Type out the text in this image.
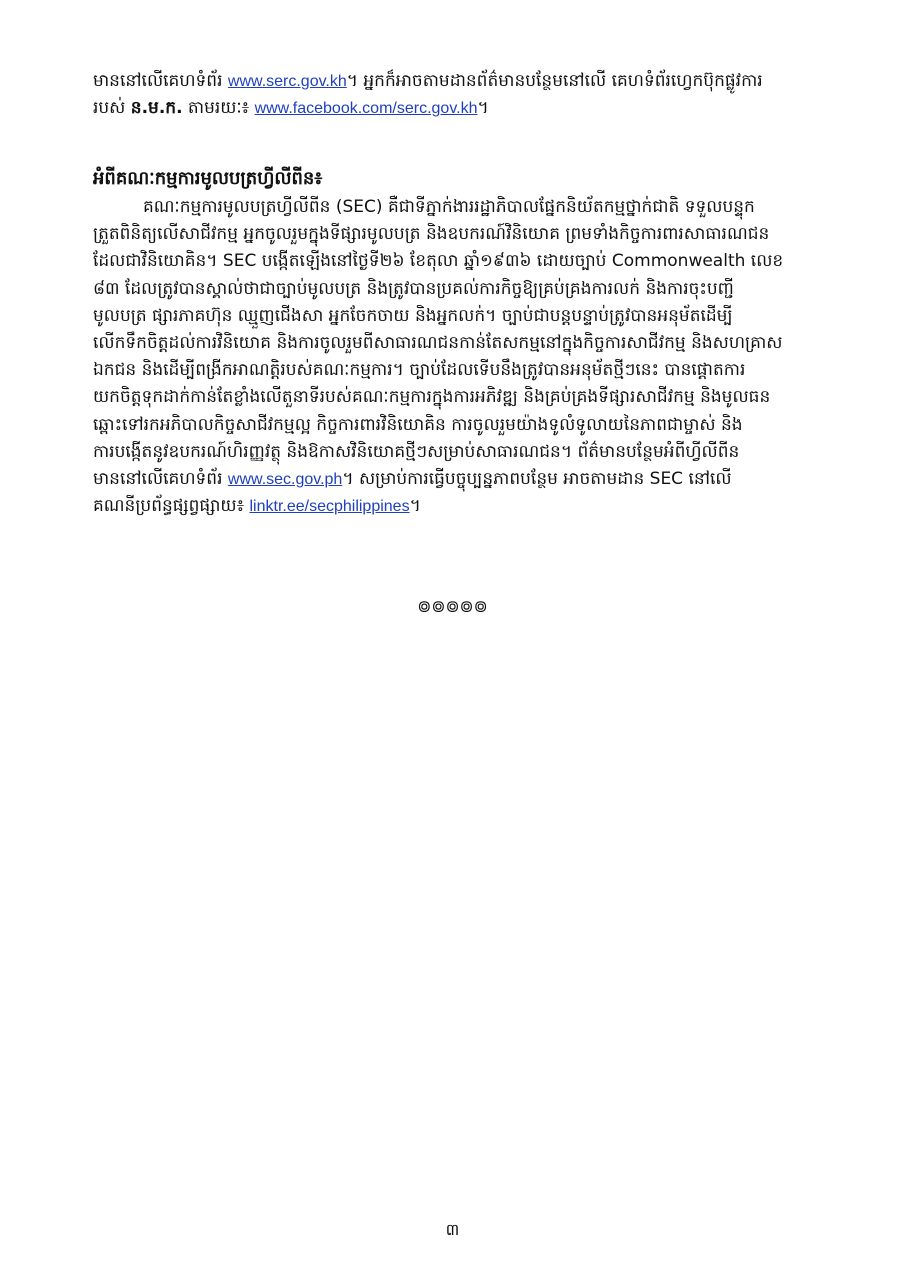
មាននៅលើគេហទំព័រ www.serc.gov.kh។ អ្នកក៏អាចតាមដានព័ត៌មានបន្ថែមនៅលើ គេហទំព័រហ្វេកប៊ុកផ្លូវការ
របស់ ន.ម.ក. តាមរយៈ៖ www.facebook.com/serc.gov.kh។
អំពីគណៈកម្មការមូលបត្រហ្វីលីពីន៖
គណៈកម្មការមូលបត្រហ្វីលីពីន (SEC) គឺជាទីភ្នាក់ងាររដ្ឋាភិបាលផ្នែកនិយ័តកម្មថ្នាក់ជាតិ ទទួលបន្ទុក
ត្រួតពិនិត្យលើសាជីវកម្ម អ្នកចូលរួមក្នុងទីផ្សារមូលបត្រ និងឧបករណ៍វិនិយោគ ព្រមទាំងកិច្ចការពារសាធារណជន
ដែលជាវិនិយោគិន។ SEC បង្កើតឡើងនៅថ្ងៃទី២៦ ខែតុលា ឆ្នាំ១៩៣៦ ដោយច្បាប់ Commonwealth លេខ
៨៣ ដែលត្រូវបានស្គាល់ថាជាច្បាប់មូលបត្រ និងត្រូវបានប្រគល់ការកិច្ចឱ្យគ្រប់គ្រងការលក់ និងការចុះបញ្ជី
មូលបត្រ ផ្សារភាគហ៊ុន ឈ្មួញជើងសា អ្នកចែកចាយ និងអ្នកលក់។ ច្បាប់ជាបន្តបន្ទាប់ត្រូវបានអនុម័តដើម្បី
លើកទឹកចិត្តដល់ការវិនិយោគ និងការចូលរួមពីសាធារណជនកាន់តែសកម្មនៅក្នុងកិច្ចការសាជីវកម្ម និងសហគ្រាស
ឯកជន និងដើម្បីពង្រីកអាណត្តិរបស់គណៈកម្មការ។ ច្បាប់ដែលទើបនឹងត្រូវបានអនុម័តថ្មីៗនេះ បានផ្តោតការ
យកចិត្តទុកដាក់កាន់តែខ្លាំងលើតួនាទីរបស់គណៈកម្មការក្នុងការអភិវឌ្ឍ និងគ្រប់គ្រងទីផ្សារសាជីវកម្ម និងមូលធន
ឆ្ពោះទៅរកអភិបាលកិច្ចសាជីវកម្មល្អ កិច្ចការពារវិនិយោគិន ការចូលរួមយ៉ាងទូលំទូលាយនៃភាពជាម្ចាស់ និង
ការបង្កើតនូវឧបករណ៍ហិរញ្ញវត្ថុ និងឱកាសវិនិយោគថ្មីៗសម្រាប់សាធារណជន។ ព័ត៌មានបន្ថែមអំពីហ្វីលីពីន
មាននៅលើគេហទំព័រ www.sec.gov.ph។ សម្រាប់ការធ្វើបច្ចុប្បន្នភាពបន្ថែម អាចតាមដាន SEC នៅលើ
គណនីប្រព័ន្ធផ្សព្វផ្សាយ៖ linktr.ee/secphilippines។
៙៙៙៙៙
៣
